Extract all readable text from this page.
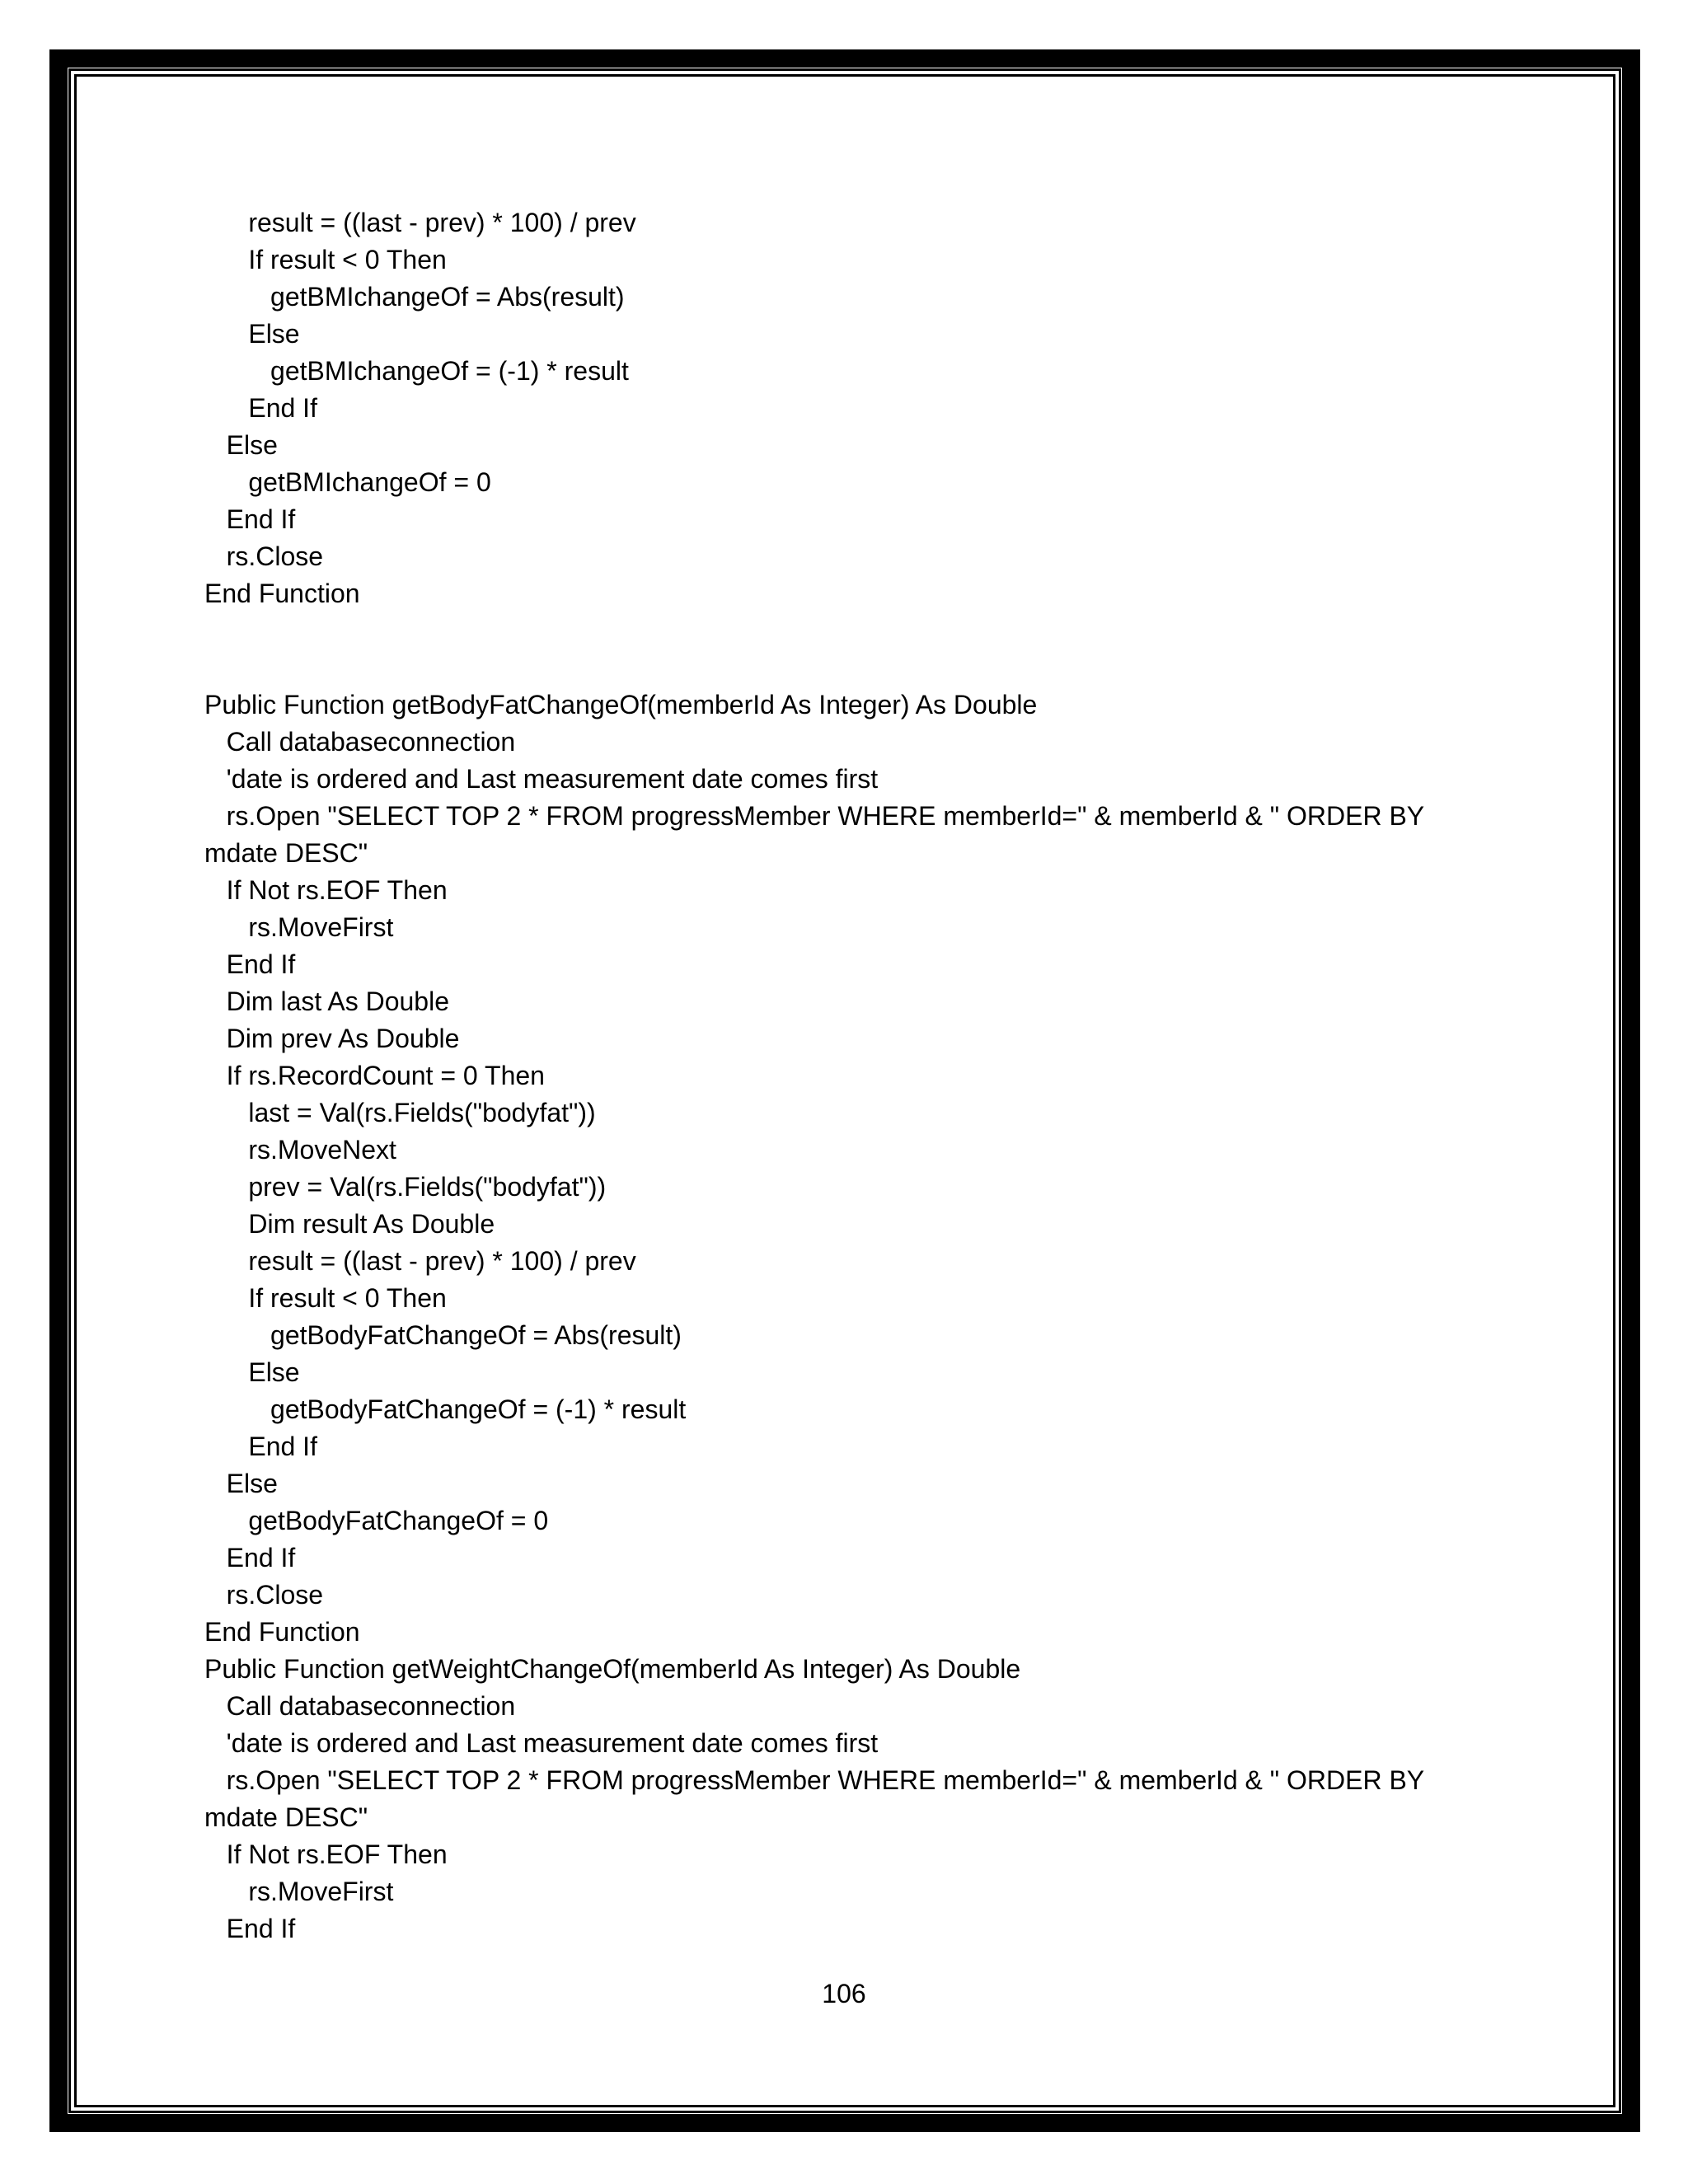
result = ((last - prev) * 100) / prev
If result < 0 Then
getBMIchangeOf = Abs(result)
Else
getBMIchangeOf = (-1) * result
End If
Else
getBMIchangeOf = 0
End If
rs.Close
End Function
Public Function getBodyFatChangeOf(memberId As Integer) As Double
Call databaseconnection
'date is ordered and Last measurement date comes first
rs.Open "SELECT TOP 2 * FROM progressMember WHERE memberId=" & memberId & " ORDER BY
mdate DESC"
If Not rs.EOF Then
rs.MoveFirst
End If
Dim last As Double
Dim prev As Double
If rs.RecordCount = 0 Then
last = Val(rs.Fields("bodyfat"))
rs.MoveNext
prev = Val(rs.Fields("bodyfat"))
Dim result As Double
result = ((last - prev) * 100) / prev
If result < 0 Then
getBodyFatChangeOf = Abs(result)
Else
getBodyFatChangeOf = (-1) * result
End If
Else
getBodyFatChangeOf = 0
End If
rs.Close
End Function
Public Function getWeightChangeOf(memberId As Integer) As Double
Call databaseconnection
'date is ordered and Last measurement date comes first
rs.Open "SELECT TOP 2 * FROM progressMember WHERE memberId=" & memberId & " ORDER BY
mdate DESC"
If Not rs.EOF Then
rs.MoveFirst
End If
106
